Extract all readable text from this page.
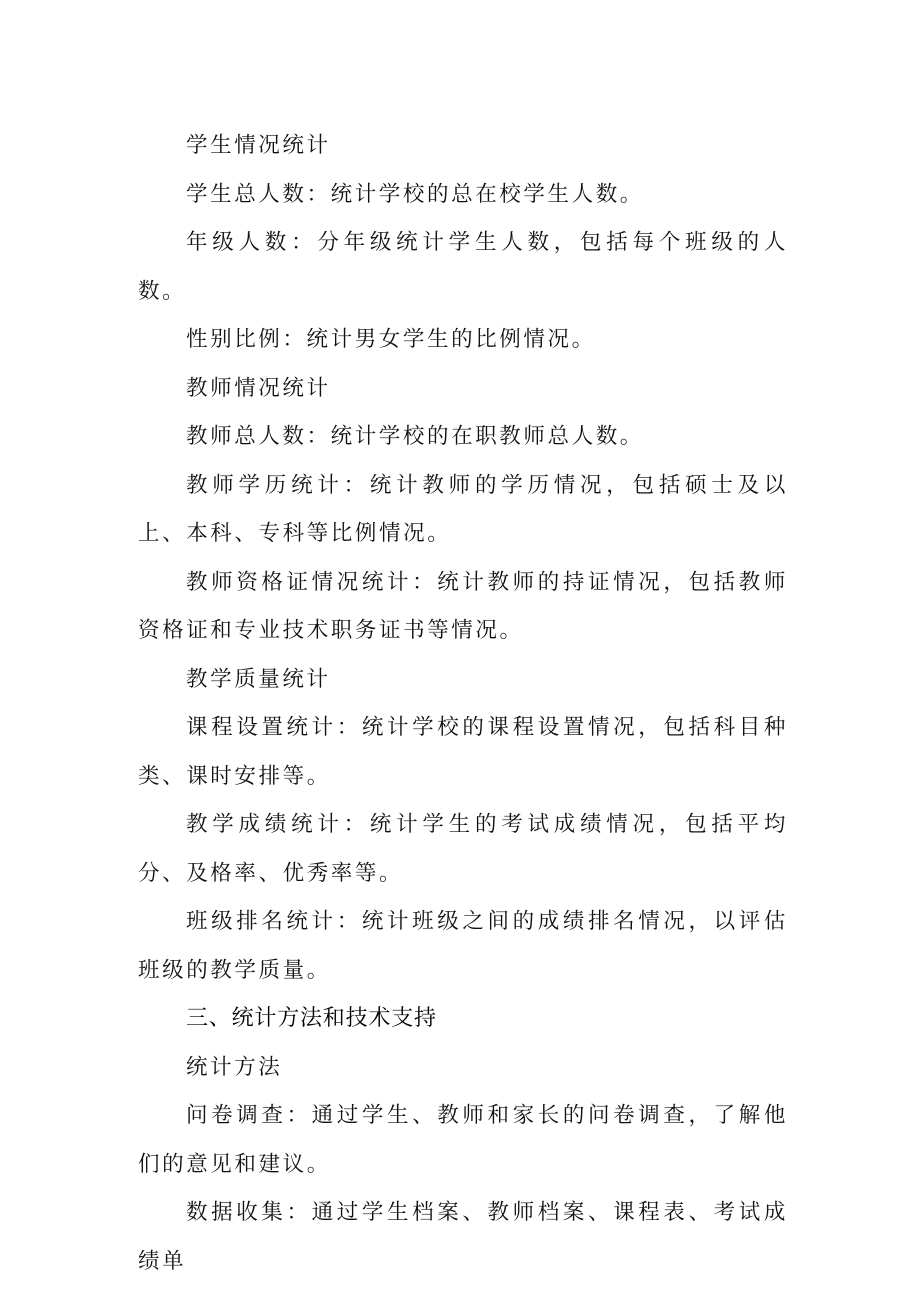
学生情况统计

学生总人数：统计学校的总在校学生人数。

年级人数：分年级统计学生人数，包括每个班级的人数。

性别比例：统计男女学生的比例情况。

教师情况统计

教师总人数：统计学校的在职教师总人数。

教师学历统计：统计教师的学历情况，包括硕士及以上、本科、专科等比例情况。

教师资格证情况统计：统计教师的持证情况，包括教师资格证和专业技术职务证书等情况。

教学质量统计

课程设置统计：统计学校的课程设置情况，包括科目种类、课时安排等。

教学成绩统计：统计学生的考试成绩情况，包括平均分、及格率、优秀率等。

班级排名统计：统计班级之间的成绩排名情况，以评估班级的教学质量。

三、统计方法和技术支持

统计方法

问卷调查：通过学生、教师和家长的问卷调查，了解他们的意见和建议。

数据收集：通过学生档案、教师档案、课程表、考试成绩单
